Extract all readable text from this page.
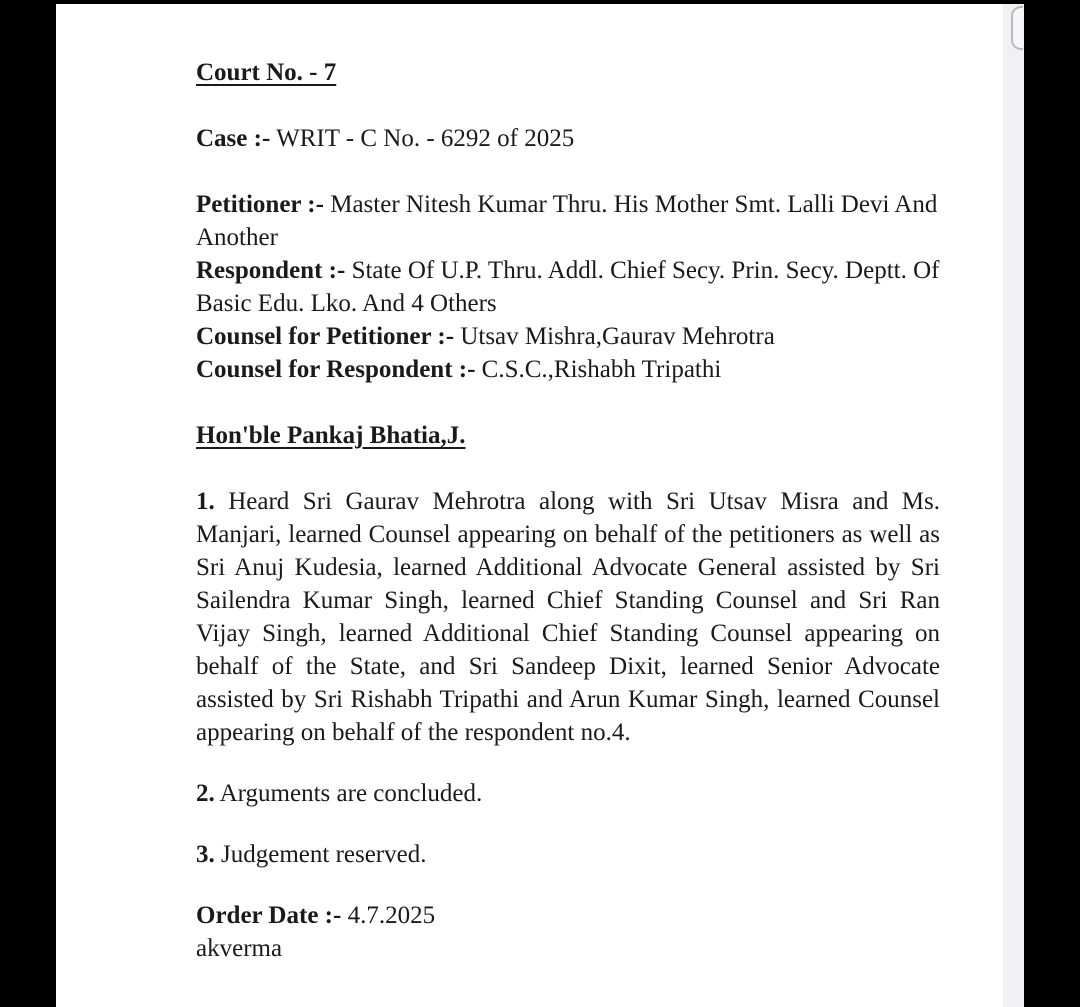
Court No. - 7

Case :- WRIT - C No. - 6292 of 2025

Petitioner :- Master Nitesh Kumar Thru. His Mother Smt. Lalli Devi And Another

Respondent :- State Of U.P. Thru. Addl. Chief Secy. Prin. Secy. Deptt. Of Basic Edu. Lko. And 4 Others

Counsel for Petitioner :- Utsav Mishra,Gaurav Mehrotra

Counsel for Respondent :- C.S.C.,Rishabh Tripathi

Hon'ble Pankaj Bhatia,J.

1. Heard Sri Gaurav Mehrotra along with Sri Utsav Misra and Ms. Manjari, learned Counsel appearing on behalf of the petitioners as well as Sri Anuj Kudesia, learned Additional Advocate General assisted by Sri Sailendra Kumar Singh, learned Chief Standing Counsel and Sri Ran Vijay Singh, learned Additional Chief Standing Counsel appearing on behalf of the State, and Sri Sandeep Dixit, learned Senior Advocate assisted by Sri Rishabh Tripathi and Arun Kumar Singh, learned Counsel appearing on behalf of the respondent no.4.

2. Arguments are concluded.

3. Judgement reserved.

Order Date :- 4.7.2025

akverma
